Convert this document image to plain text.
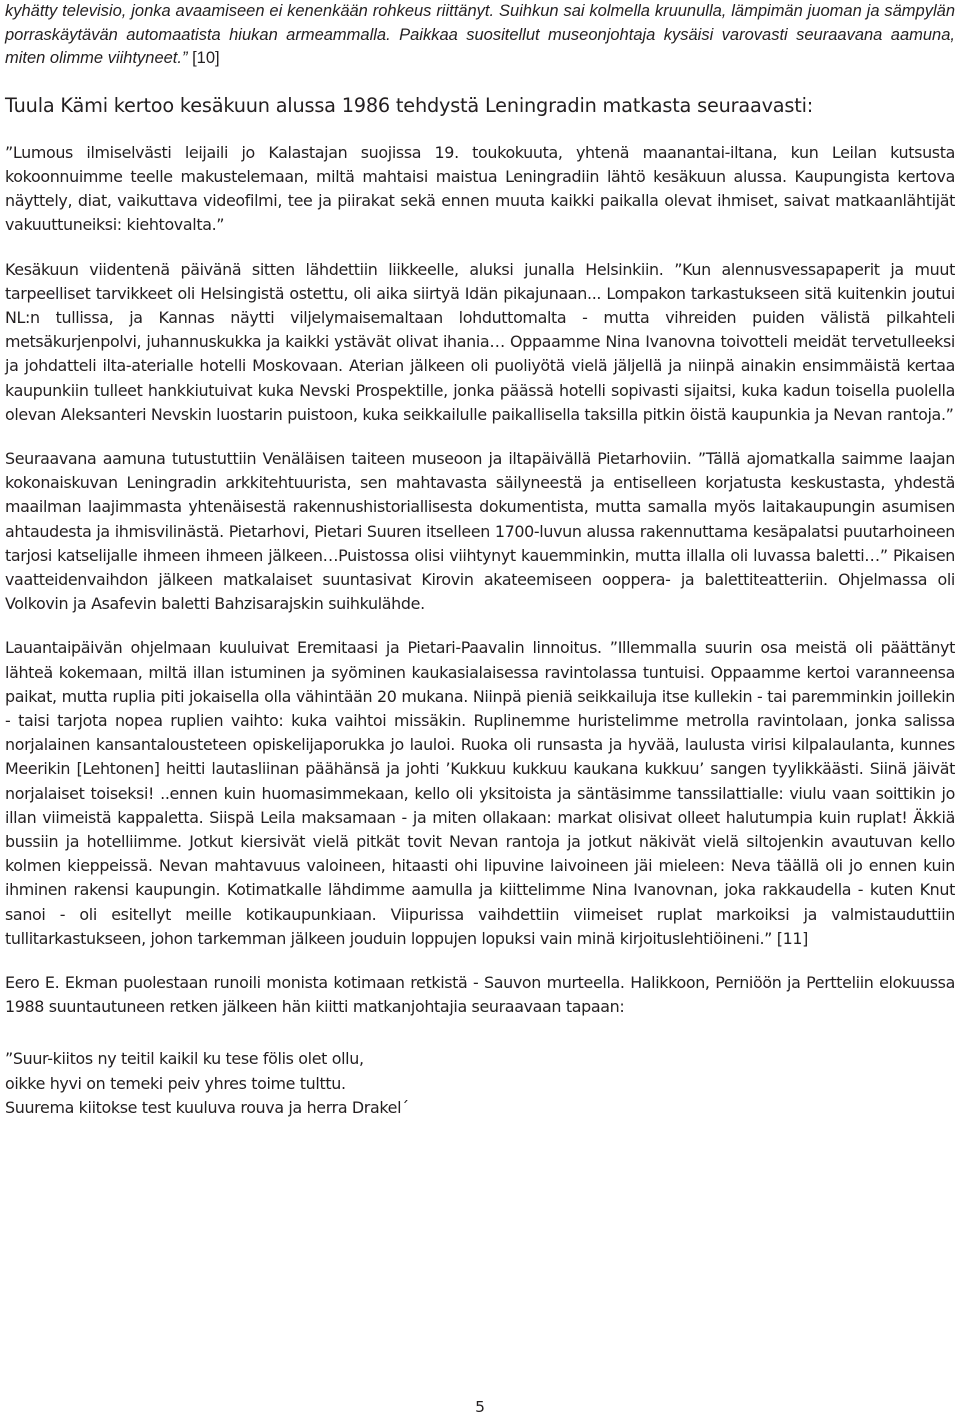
kyhätty televisio, jonka avaamiseen ei kenenkään rohkeus riittänyt. Suihkun sai kolmella kruunulla, lämpimän juoman ja sämpylän porraskäytävän automaatista hiukan armeammalla. Paikkaa suositellut museonjohtaja kysäisi varovasti seuraavana aamuna, miten olimme viihtyneet.” [10]

Tuula Kämi kertoo kesäkuun alussa 1986 tehdystä Leningradin matkasta seuraavasti:

”Lumous ilmiselvästi leijaili jo Kalastajan suojissa 19. toukokuuta, yhtenä maanantai-iltana, kun Leilan kutsusta kokoonnuimme teelle makustelemaan, miltä mahtaisi maistua Leningradiin lähtö kesäkuun alussa. Kaupungista kertova näyttely, diat, vaikuttava videofilmi, tee ja piirakat sekä ennen muuta kaikki paikalla olevat ihmiset, saivat matkaanlähtijät vakuuttuneiksi: kiehtovalta.”

Kesäkuun viidentenä päivänä sitten lähdettiin liikkeelle, aluksi junalla Helsinkiin. ”Kun alennusvessapaperit ja muut tarpeelliset tarvikkeet oli Helsingistä ostettu, oli aika siirtyä Idän pikajunaan... Lompakon tarkastukseen sitä kuitenkin joutui NL:n tullissa, ja Kannas näytti viljelymaisemaltaan lohduttomalta - mutta vihreiden puiden välistä pilkahteli metsäkurjenpolvi, juhannuskukka ja kaikki ystävät olivat ihania… Oppaamme Nina Ivanovna toivotteli meidät tervetulleeksi ja johdatteli ilta-aterialle hotelli Moskovaan. Aterian jälkeen oli puoliyötä vielä jäljellä ja niinpä ainakin ensimmäistä kertaa kaupunkiin tulleet hankkiutuivat kuka Nevski Prospektille, jonka päässä hotelli sopivasti sijaitsi, kuka kadun toisella puolella olevan Aleksanteri Nevskin luostarin puistoon, kuka seikkailulle paikallisella taksilla pitkin öistä kaupunkia ja Nevan rantoja.”

Seuraavana aamuna tutustuttiin Venäläisen taiteen museoon ja iltapäivällä Pietarhoviin. ”Tällä ajomatkalla saimme laajan kokonaiskuvan Leningradin arkkitehtuurista, sen mahtavasta säilyneestä ja entiselleen korjatusta keskustasta, yhdestä maailman laajimmasta yhtenäisestä rakennushistoriallisesta dokumentista, mutta samalla myös laitakaupungin asumisen ahtaudesta ja ihmisvilinästä. Pietarhovi, Pietari Suuren itselleen 1700-luvun alussa rakennuttama kesäpalatsi puutarhoineen tarjosi katselijalle ihmeen ihmeen jälkeen…Puistossa olisi viihtynyt kauemminkin, mutta illalla oli luvassa baletti…” Pikaisen vaatteidenvaihdon jälkeen matkalaiset suuntasivat Kirovin akateemiseen ooppera- ja balettiteatteriin. Ohjelmassa oli Volkovin ja Asafevin baletti Bahzisarajskin suihkulähde.

Lauantaipäivän ohjelmaan kuuluivat Eremitaasi ja Pietari-Paavalin linnoitus. ”Illemmalla suurin osa meistä oli päättänyt lähteä kokemaan, miltä illan istuminen ja syöminen kaukasialaisessa ravintolassa tuntuisi. Oppaamme kertoi varanneensa paikat, mutta ruplia piti jokaisella olla vähintään 20 mukana. Niinpä pieniä seikkailuja itse kullekin - tai paremminkin joillekin - taisi tarjota nopea ruplien vaihto: kuka vaihtoi missäkin. Ruplinemme huristelimme metrolla ravintolaan, jonka salissa norjalainen kansantalousteteen opiskelijaporukka jo lauloi. Ruoka oli runsasta ja hyvää, laulusta virisi kilpalaulanta, kunnes Meerikin [Lehtonen] heitti lautasliinan päähänsä ja johti ’Kukkuu kukkuu kaukana kukkuu’ sangen tyylikkäästi. Siinä jäivät norjalaiset toiseksi! ..ennen kuin huomasimmekaan, kello oli yksitoista ja säntäsimme tanssilattialle: viulu vaan soittikin jo illan viimeistä kappaletta. Siispä Leila maksamaan - ja miten ollakaan: markat olisivat olleet halutumpia kuin ruplat! Äkkiä bussiin ja hotelliimme. Jotkut kiersivät vielä pitkät tovit Nevan rantoja ja jotkut näkivät vielä siltojenkin avautuvan kello kolmen kieppeissä. Nevan mahtavuus valoineen, hitaasti ohi lipuvine laivoineen jäi mieleen: Neva täällä oli jo ennen kuin ihminen rakensi kaupungin. Kotimatkalle lähdimme aamulla ja kiittelimme Nina Ivanovnan, joka rakkaudella - kuten Knut sanoi - oli esitellyt meille kotikaupunkiaan. Viipurissa vaihdettiin viimeiset ruplat markoiksi ja valmistauduttiin tullitarkastukseen, johon tarkemman jälkeen jouduin loppujen lopuksi vain minä kirjoituslehtiöineni.” [11]

Eero E. Ekman puolestaan runoili monista kotimaan retkistä - Sauvon murteella. Halikkoon, Perniöön ja Pertteliin elokuussa 1988 suuntautuneen retken jälkeen hän kiitti matkanjohtajia seuraavaan tapaan:

”Suur-kiitos ny teitil kaikil ku tese fölis olet ollu,
oikke hyvi on temeki peiv yhres toime tulttu.
Suurema kiitokse test kuuluva rouva ja herra Drakel´
5
